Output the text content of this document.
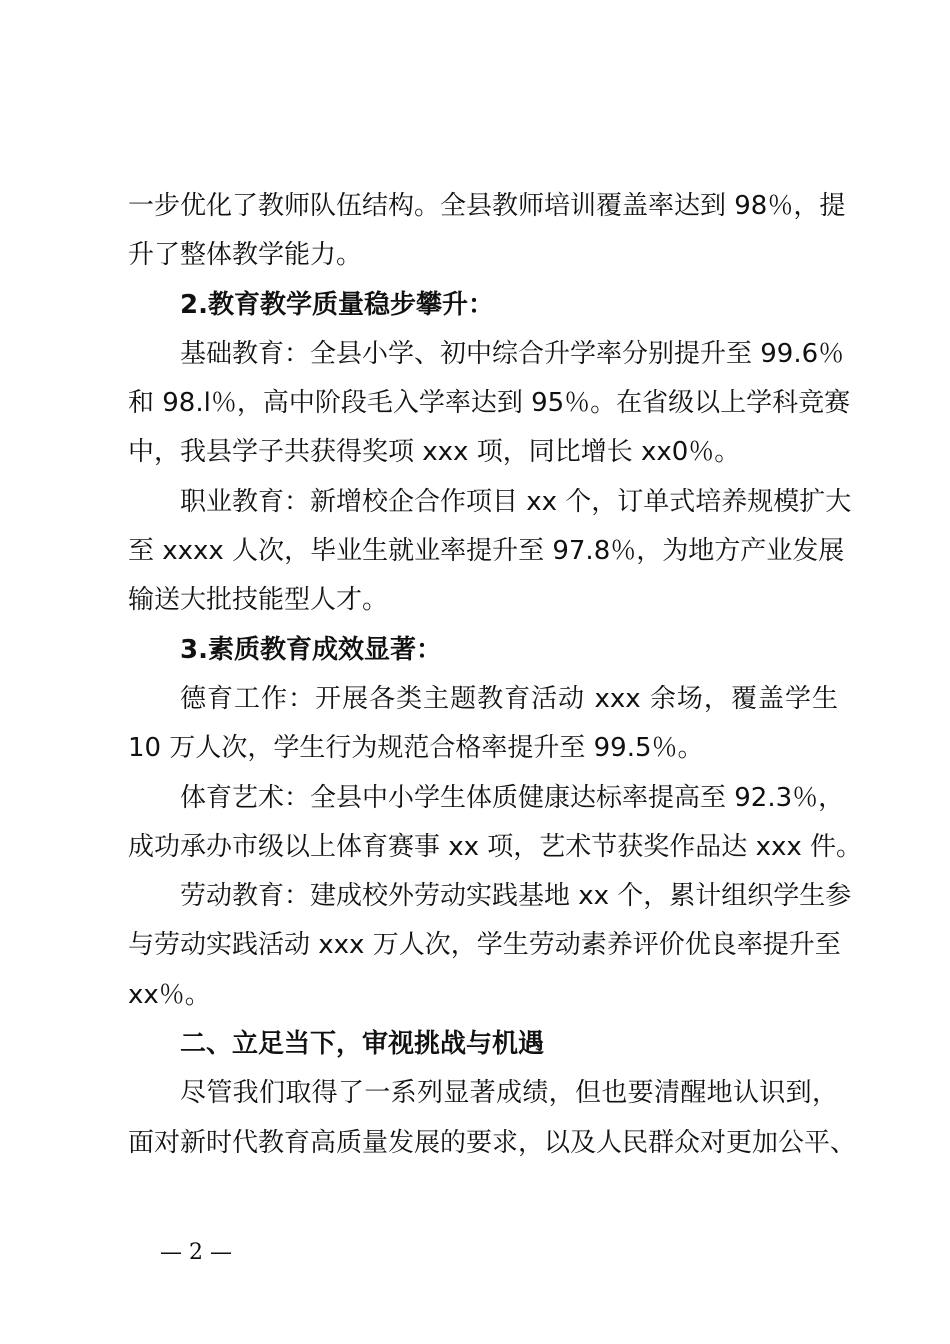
一步优化了教师队伍结构。全县教师培训覆盖率达到 98％，提
升了整体教学能力。
2.教育教学质量稳步攀升：
基础教育：全县小学、初中综合升学率分别提升至 99.6％
和 98.l％，高中阶段毛入学率达到 95％。在省级以上学科竞赛
中，我县学子共获得奖项 xxx 项，同比增长 xx0％。
职业教育：新增校企合作项目 xx 个，订单式培养规模扩大
至 xxxx 人次，毕业生就业率提升至 97.8％，为地方产业发展
输送大批技能型人才。
3.素质教育成效显著：
德育工作：开展各类主题教育活动 xxx 余场，覆盖学生
10 万人次，学生行为规范合格率提升至 99.5％。
体育艺术：全县中小学生体质健康达标率提高至 92.3％，
成功承办市级以上体育赛事 xx 项，艺术节获奖作品达 xxx 件。
劳动教育：建成校外劳动实践基地 xx 个，累计组织学生参
与劳动实践活动 xxx 万人次，学生劳动素养评价优良率提升至
xx％。
二、立足当下，审视挑战与机遇
尽管我们取得了一系列显著成绩，但也要清醒地认识到，
面对新时代教育高质量发展的要求，以及人民群众对更加公平、
— 2 —
